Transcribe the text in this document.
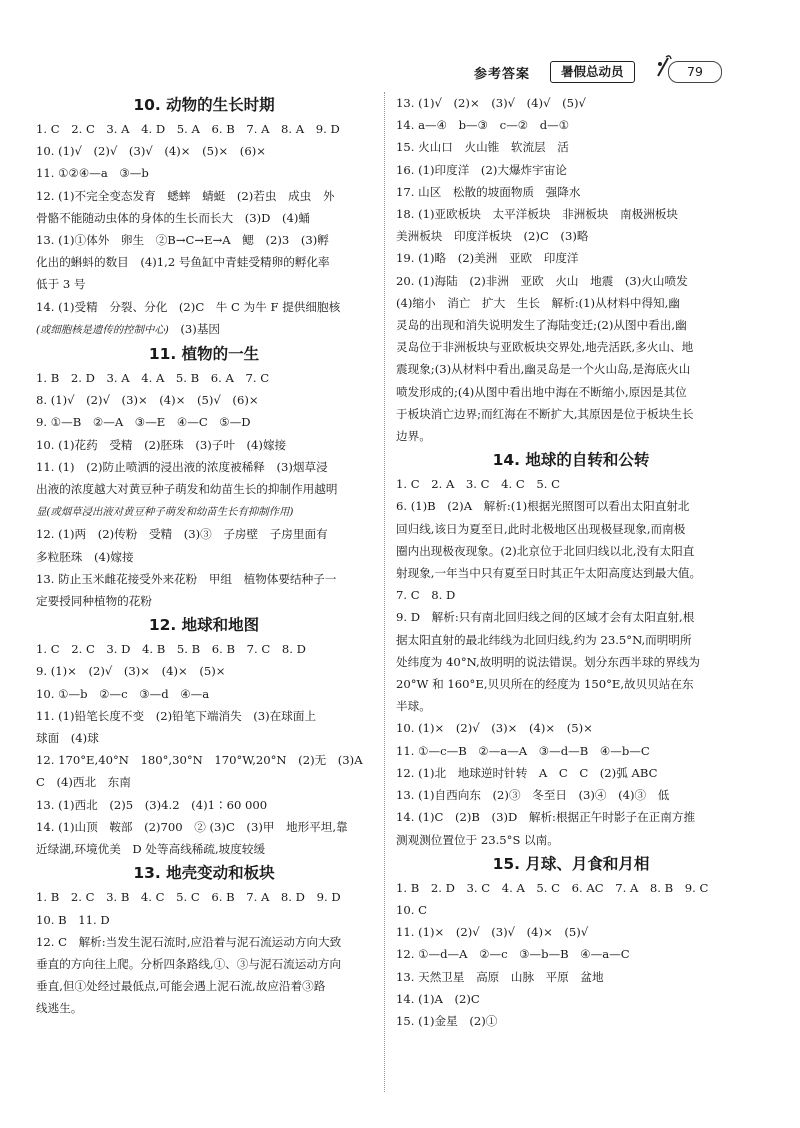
参考答案	暑假总动员	79
10. 动物的生长时期
1. C　2. C　3. A　4. D　5. A　6. B　7. A　8. A　9. D
10. (1)√　(2)√　(3)√　(4)×　(5)×　(6)×
11. ①②④—a　③—b
12. (1)不完全变态发育　蟋蟀　蜻蜓　(2)若虫　成虫　外
骨骼不能随动虫体的身体的生长而长大　(3)D　(4)蛹
13. (1)①体外　卵生　②B→C→E→A　鳃　(2)3　(3)孵
化出的蝌蚪的数目　(4)1,2 号鱼缸中青蛙受精卵的孵化率
低于 3 号
14. (1)受精　分裂、分化　(2)C　牛 C 为牛 F 提供细胞核
(或细胞核是遗传的控制中心)　(3)基因
11. 植物的一生
1. B　2. D　3. A　4. A　5. B　6. A　7. C
8. (1)√　(2)√　(3)×　(4)×　(5)√　(6)×
9. ①—B　②—A　③—E　④—C　⑤—D
10. (1)花药　受精　(2)胚珠　(3)子叶　(4)嫁接
11. (1)　(2)防止喷洒的浸出液的浓度被稀释　(3)烟草浸
出液的浓度越大对黄豆种子萌发和幼苗生长的抑制作用越明
显(或烟草浸出液对黄豆种子萌发和幼苗生长有抑制作用)
12. (1)两　(2)传粉　受精　(3)③　子房壁　子房里面有
多粒胚珠　(4)嫁接
13. 防止玉米雌花接受外来花粉　甲组　植物体要结种子一
定要授同种植物的花粉
12. 地球和地图
1. C　2. C　3. D　4. B　5. B　6. B　7. C　8. D
9. (1)×　(2)√　(3)×　(4)×　(5)×
10. ①—b　②—c　③—d　④—a
11. (1)铅笔长度不变　(2)铅笔下端消失　(3)在球面上
球面　(4)球
12. 170°E,40°N　180°,30°N　170°W,20°N　(2)无　(3)A
C　(4)西北　东南
13. (1)西北　(2)5　(3)4.2　(4)1∶60 000
14. (1)山顶　鞍部　(2)700　② (3)C　(3)甲　地形平坦,靠
近绿湖,环境优美　D 处等高线稀疏,坡度较缓
13. 地壳变动和板块
1. B　2. C　3. B　4. C　5. C　6. B　7. A　8. D　9. D
10. B　11. D
12. C　解析:当发生泥石流时,应沿着与泥石流运动方向大致
垂直的方向往上爬。分析四条路线,①、③与泥石流运动方向
垂直,但①处经过最低点,可能会遇上泥石流,故应沿着③路
线逃生。
13. (1)√　(2)×　(3)√　(4)√　(5)√
14. a—④　b—③　c—②　d—①
15. 火山口　火山锥　软流层　活
16. (1)印度洋　(2)大爆炸宇宙论
17. 山区　松散的坡面物质　强降水
18. (1)亚欧板块　太平洋板块　非洲板块　南极洲板块
美洲板块　印度洋板块　(2)C　(3)略
19. (1)略　(2)美洲　亚欧　印度洋
20. (1)海陆　(2)非洲　亚欧　火山　地震　(3)火山喷发
(4)缩小　消亡　扩大　生长　解析:(1)从材料中得知,幽
灵岛的出现和消失说明发生了海陆变迁;(2)从图中看出,幽
灵岛位于非洲板块与亚欧板块交界处,地壳活跃,多火山、地
震现象;(3)从材料中看出,幽灵岛是一个火山岛,是海底火山
喷发形成的;(4)从图中看出地中海在不断缩小,原因是其位
于板块消亡边界;而红海在不断扩大,其原因是位于板块生长
边界。
14. 地球的自转和公转
1. C　2. A　3. C　4. C　5. C
6. (1)B　(2)A　解析:(1)根据光照图可以看出太阳直射北
回归线,该日为夏至日,此时北极地区出现极昼现象,而南极
圈内出现极夜现象。(2)北京位于北回归线以北,没有太阳直
射现象,一年当中只有夏至日时其正午太阳高度达到最大值。
7. C　8. D
9. D　解析:只有南北回归线之间的区域才会有太阳直射,根
据太阳直射的最北纬线为北回归线,约为 23.5°N,而明明所
处纬度为 40°N,故明明的说法错误。划分东西半球的界线为
20°W 和 160°E,贝贝所在的经度为 150°E,故贝贝站在东
半球。
10. (1)×　(2)√　(3)×　(4)×　(5)×
11. ①—c—B　②—a—A　③—d—B　④—b—C
12. (1)北　地球逆时针转　A　C　C　(2)弧 ABC
13. (1)自西向东　(2)③　冬至日　(3)④　(4)③　低
14. (1)C　(2)B　(3)D　解析:根据正午时影子在正南方推
测观测位置位于 23.5°S 以南。
15. 月球、月食和月相
1. B　2. D　3. C　4. A　5. C　6. AC　7. A　8. B　9. C
10. C
11. (1)×　(2)√　(3)√　(4)×　(5)√
12. ①—d—A　②—c　③—b—B　④—a—C
13. 天然卫星　高原　山脉　平原　盆地
14. (1)A　(2)C
15. (1)金星　(2)①
